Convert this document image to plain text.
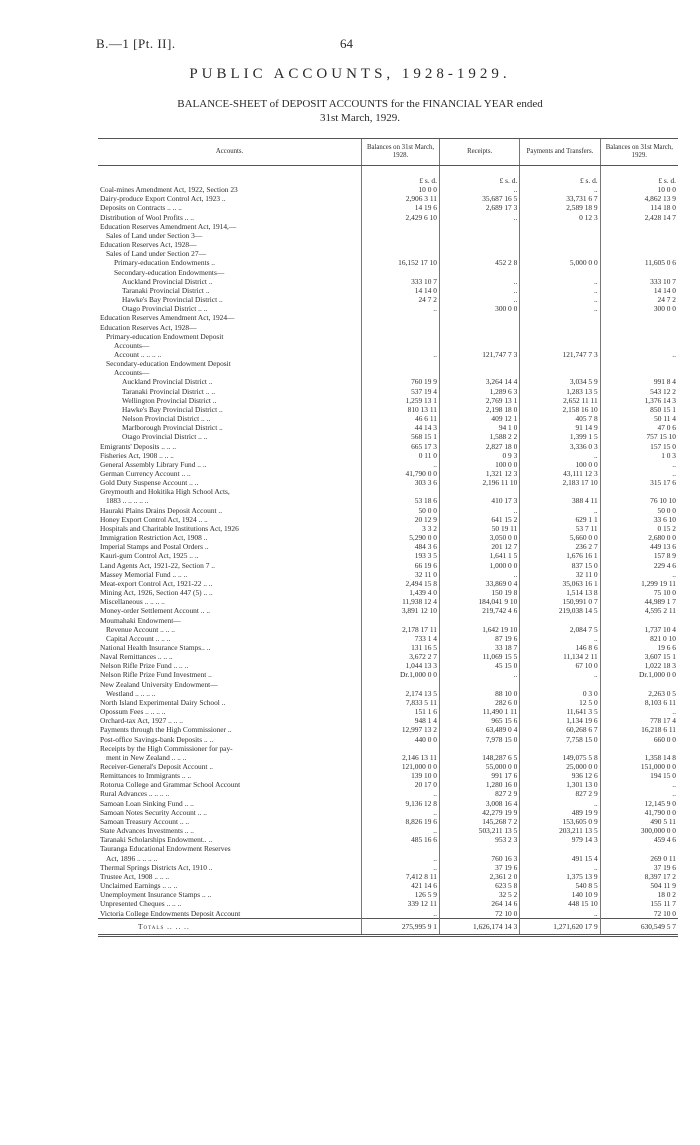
B.—1 [Pt. II].	64
PUBLIC ACCOUNTS, 1928-1929.
BALANCE-SHEET of DEPOSIT ACCOUNTS for the FINANCIAL YEAR ended
31st March, 1929.
Accounts.	Balances on 31st March, 1928.	Receipts.	Payments and Transfers.	Balances on 31st March, 1929.
	£ s. d.	£ s. d.	£ s. d.	£ s. d.
Coal-mines Amendment Act, 1922, Section 23	10 0 0	..	..	10 0 0
Dairy-produce Export Control Act, 1923 ..	2,906 3 11	35,687 16 5	33,731 6 7	4,862 13 9
Deposits on Contracts .. .. ..	14 19 6	2,689 17 3	2,589 18 9	114 18 0
Distribution of Wool Profits .. ..	2,429 6 10	..	0 12 3	2,428 14 7
Education Reserves Amendment Act, 1914,—				
Sales of Land under Section 3—				
Education Reserves Act, 1928—				
Sales of Land under Section 27—				
Primary-education Endowments ..	16,152 17 10	452 2 8	5,000 0 0	11,605 0 6
Secondary-education Endowments—				
Auckland Provincial District ..	333 10 7	..	..	333 10 7
Taranaki Provincial District ..	14 14 0	..	..	14 14 0
Hawke's Bay Provincial District ..	24 7 2	..	..	24 7 2
Otago Provincial District .. ..	..	300 0 0	..	300 0 0
Education Reserves Amendment Act, 1924—				
Education Reserves Act, 1928—				
Primary-education Endowment Deposit				
Accounts—				
Account .. .. .. ..	..	121,747 7 3	121,747 7 3	..
Secondary-education Endowment Deposit				
Accounts—				
Auckland Provincial District ..	760 19 9	3,264 14 4	3,034 5 9	991 8 4
Taranaki Provincial District .. ..	537 19 4	1,289 6 3	1,283 13 5	543 12 2
Wellington Provincial District ..	1,259 13 1	2,769 13 1	2,652 11 11	1,376 14 3
Hawke's Bay Provincial District ..	810 13 11	2,198 18 0	2,158 16 10	850 15 1
Nelson Provincial District .. ..	46 6 11	409 12 1	405 7 8	50 11 4
Marlborough Provincial District ..	44 14 3	94 1 0	91 14 9	47 0 6
Otago Provincial District .. ..	568 15 1	1,588 2 2	1,399 1 5	757 15 10
Emigrants' Deposits .. .. ..	665 17 3	2,827 18 0	3,336 0 3	157 15 0
Fisheries Act, 1908 .. .. ..	0 11 0	0 9 3	..	1 0 3
General Assembly Library Fund .. ..	..	100 0 0	100 0 0	..
German Currency Account .. ..	41,790 0 0	1,321 12 3	43,111 12 3	..
Gold Duty Suspense Account .. ..	303 3 6	2,196 11 10	2,183 17 10	315 17 6
Greymouth and Hokitika High School Acts,				
1883 .. .. .. .. ..	53 18 6	410 17 3	388 4 11	76 10 10
Hauraki Plains Drains Deposit Account ..	50 0 0	..	..	50 0 0
Honey Export Control Act, 1924 .. ..	20 12 9	641 15 2	629 1 1	33 6 10
Hospitals and Charitable Institutions Act, 1926	3 3 2	50 19 11	53 7 11	0 15 2
Immigration Restriction Act, 1908 ..	5,290 0 0	3,050 0 0	5,660 0 0	2,680 0 0
Imperial Stamps and Postal Orders ..	484 3 6	201 12 7	236 2 7	449 13 6
Kauri-gum Control Act, 1925 .. ..	193 3 5	1,641 1 5	1,676 16 1	157 8 9
Land Agents Act, 1921-22, Section 7 ..	66 19 6	1,000 0 0	837 15 0	229 4 6
Massey Memorial Fund .. .. ..	32 11 0	..	32 11 0	..
Meat-export Control Act, 1921-22 .. ..	2,494 15 8	33,869 0 4	35,063 16 1	1,299 19 11
Mining Act, 1926, Section 447 (5) .. ..	1,439 4 0	150 19 8	1,514 13 8	75 10 0
Miscellaneous .. .. .. ..	11,938 12 4	184,041 9 10	150,991 0 7	44,989 1 7
Money-order Settlement Account .. ..	3,891 12 10	219,742 4 6	219,038 14 5	4,595 2 11
Moumahaki Endowment—				
Revenue Account .. .. ..	2,178 17 11	1,642 19 10	2,084 7 5	1,737 10 4
Capital Account .. .. ..	733 1 4	87 19 6	..	821 0 10
National Health Insurance Stamps.. ..	131 16 5	33 18 7	146 8 6	19 6 6
Naval Remittances .. .. ..	3,672 2 7	11,069 15 5	11,134 2 11	3,607 15 1
Nelson Rifle Prize Fund .. .. ..	1,044 13 3	45 15 0	67 10 0	1,022 18 3
Nelson Rifle Prize Fund Investment ..	Dr.1,000 0 0	..	..	Dr.1,000 0 0
New Zealand University Endowment—				
Westland .. .. .. ..	2,174 13 5	88 10 0	0 3 0	2,263 0 5
North Island Experimental Dairy School ..	7,833 5 11	282 6 0	12 5 0	8,103 6 11
Opossum Fees .. .. .. ..	151 1 6	11,490 1 11	11,641 3 5	..
Orchard-tax Act, 1927 .. .. ..	948 1 4	965 15 6	1,134 19 6	778 17 4
Payments through the High Commissioner ..	12,997 13 2	63,489 0 4	60,268 6 7	16,218 6 11
Post-office Savings-bank Deposits .. ..	440 0 0	7,978 15 0	7,758 15 0	660 0 0
Receipts by the High Commissioner for pay-				
ment in New Zealand .. .. ..	2,146 13 11	148,287 6 5	149,075 5 8	1,358 14 8
Receiver-General's Deposit Account ..	121,000 0 0	55,000 0 0	25,000 0 0	151,000 0 0
Remittances to Immigrants .. ..	139 10 0	991 17 6	936 12 6	194 15 0
Rotorua College and Grammar School Account	20 17 0	1,280 16 0	1,301 13 0	..
Rural Advances .. .. .. ..	..	827 2 9	827 2 9	..
Samoan Loan Sinking Fund .. ..	9,136 12 8	3,008 16 4	..	12,145 9 0
Samoan Notes Security Account .. ..	..	42,279 19 9	489 19 9	41,790 0 0
Samoan Treasury Account .. ..	8,826 19 6	145,268 7 2	153,605 0 9	490 5 11
State Advances Investments .. ..	..	503,211 13 5	203,211 13 5	300,000 0 0
Taranaki Scholarships Endowment.. ..	485 16 6	953 2 3	979 14 3	459 4 6
Tauranga Educational Endowment Reserves				
Act, 1896 .. .. .. ..	..	760 16 3	491 15 4	269 0 11
Thermal Springs Districts Act, 1910 ..	..	37 19 6	..	37 19 6
Trustee Act, 1908 .. .. ..	7,412 8 11	2,361 2 0	1,375 13 9	8,397 17 2
Unclaimed Earnings .. .. ..	421 14 6	623 5 8	540 8 5	504 11 9
Unemployment Insurance Stamps .. ..	126 5 9	32 5 2	140 10 9	18 0 2
Unpresented Cheques .. .. ..	339 12 11	264 14 6	448 15 10	155 11 7
Victoria College Endowments Deposit Account	..	72 10 0	..	72 10 0
Totals .. .. ..	275,995 9 1	1,626,174 14 3	1,271,620 17 9	630,549 5 7
